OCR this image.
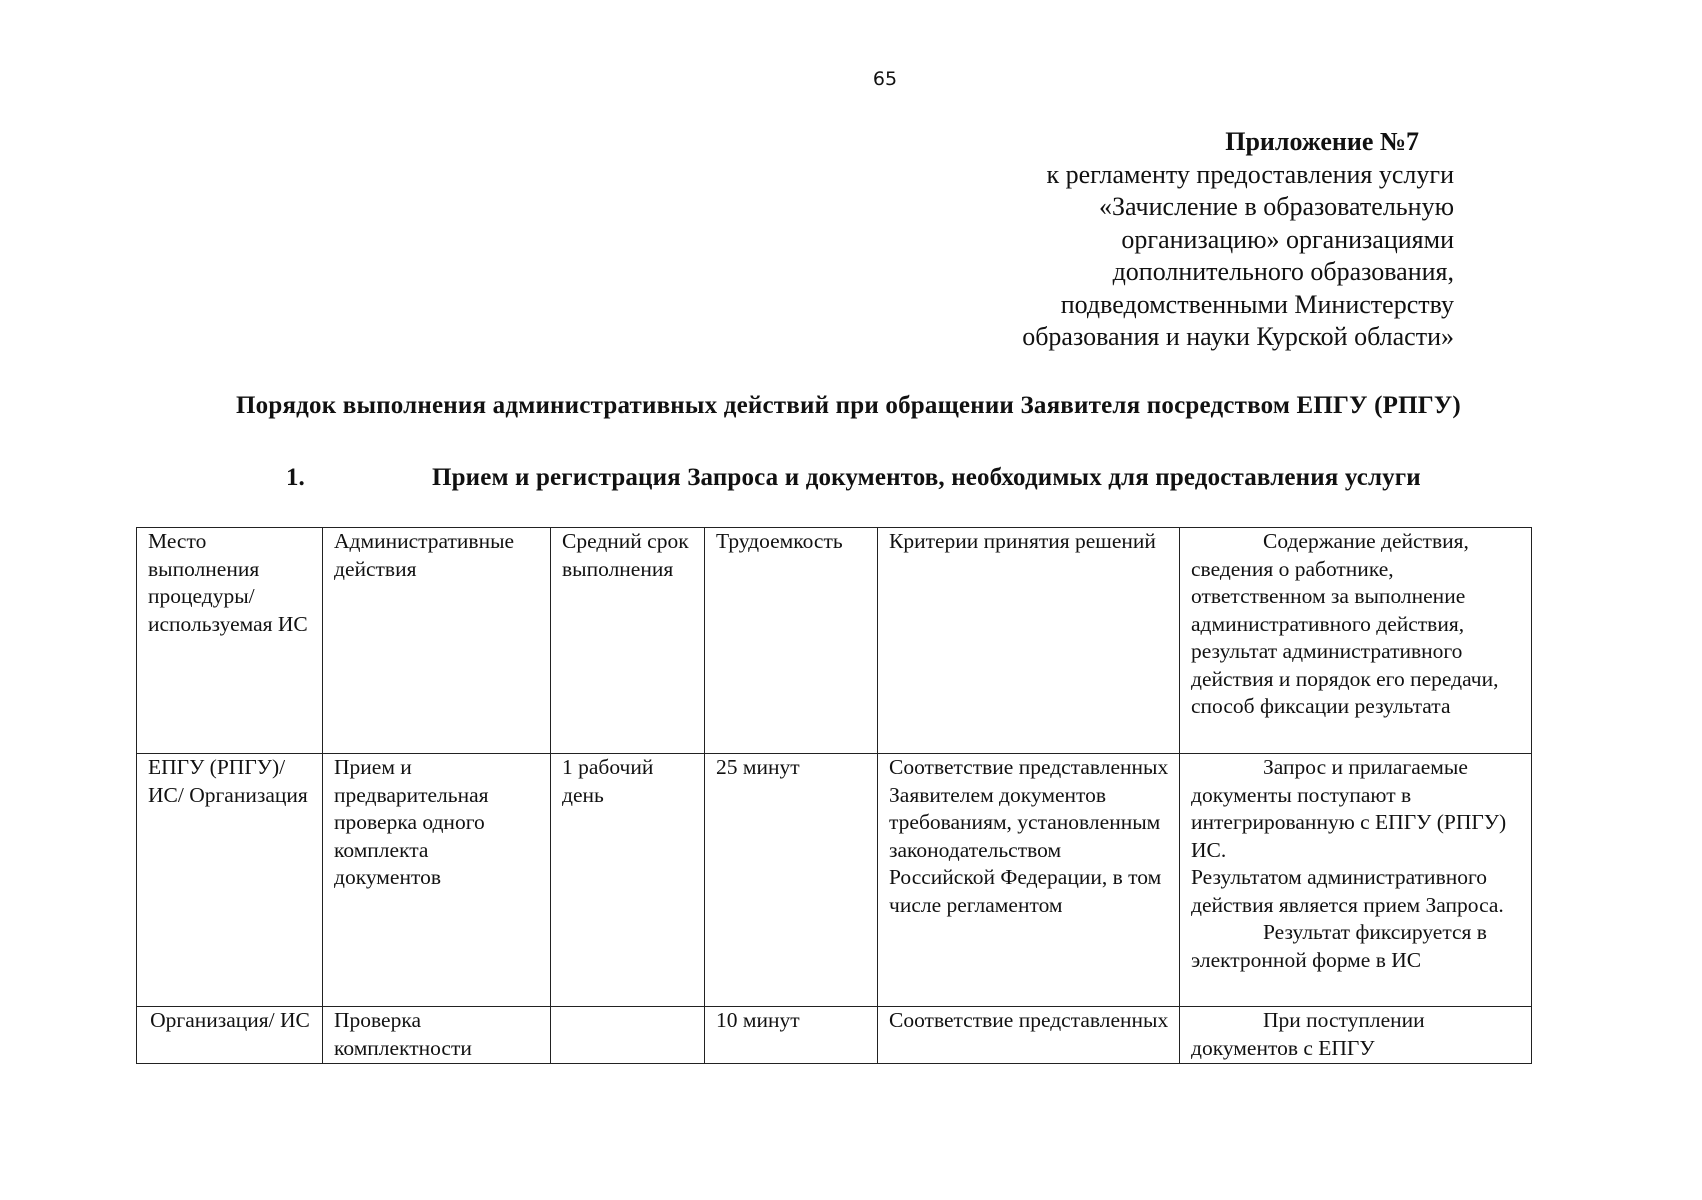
65
Приложение №7
к регламенту предоставления услуги
«Зачисление в образовательную
организацию» организациями
дополнительного образования,
подведомственными Министерству
образования и науки Курской области»
Порядок выполнения административных действий при обращении Заявителя посредством ЕПГУ (РПГУ)
1.	Прием и регистрация Запроса и документов, необходимых для предоставления услуги
Место выполнения процедуры/ используемая ИС	Административные действия	Средний срок выполнения	Трудоемкость	Критерии принятия решений	Содержание действия, сведения о работнике, ответственном за выполнение административного действия, результат административного действия и порядок его передачи, способ фиксации результата
ЕПГУ (РПГУ)/ИС/ Организация	Прием и предварительная проверка одного комплекта документов	1 рабочий день	25 минут	Соответствие представленных Заявителем документов требованиям, установленным законодательством Российской Федерации, в том числе регламентом	Запрос и прилагаемые документы поступают в интегрированную с ЕПГУ (РПГУ) ИС.
Результатом административного действия является прием Запроса.
Результат фиксируется в электронной форме в ИС

Организация/ ИС	Проверка комплектности		10 минут	Соответствие представленных	При поступлении документов с ЕПГУ
